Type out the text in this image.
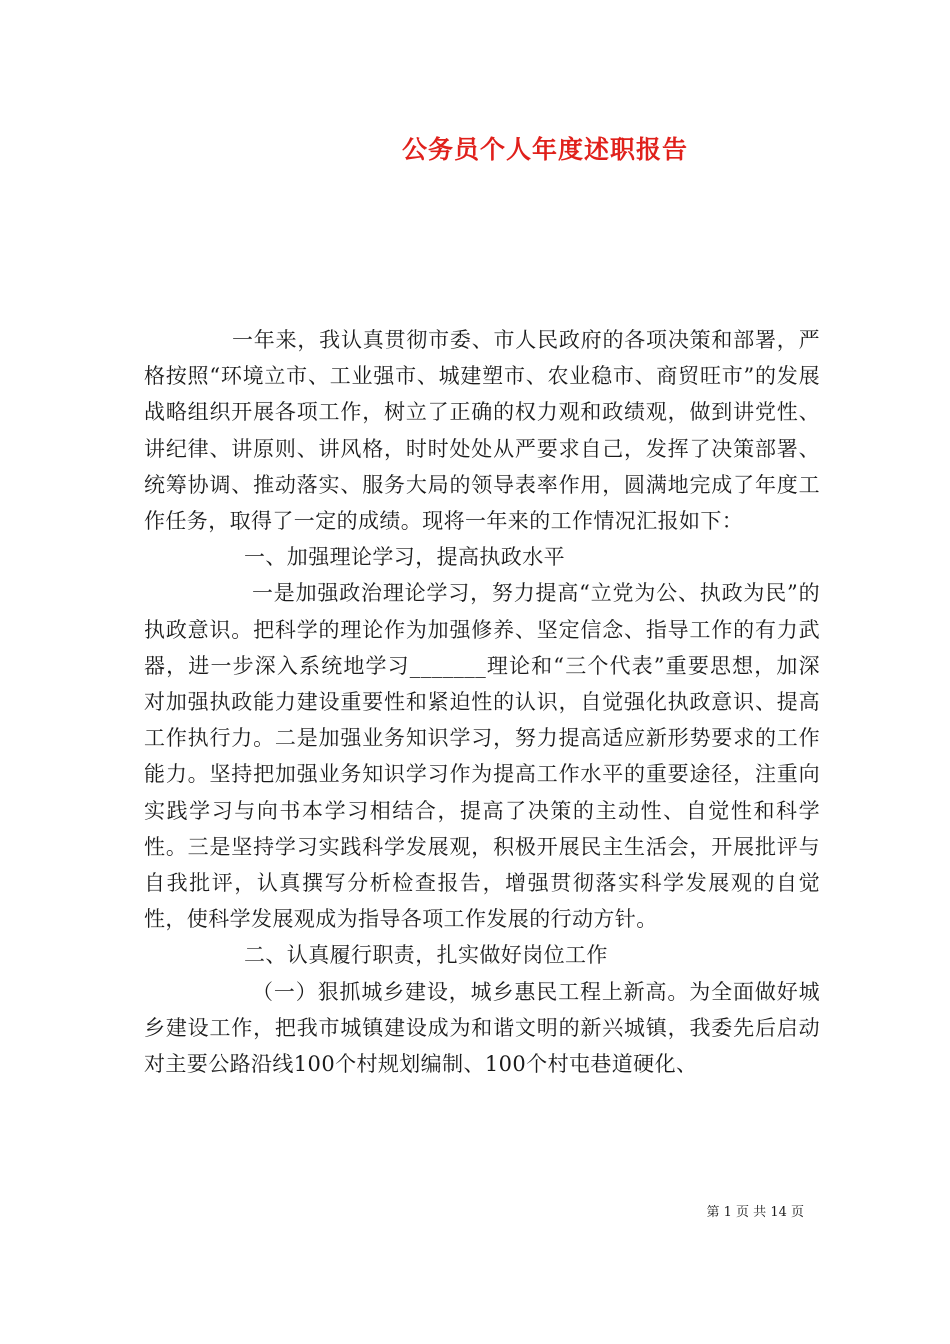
公务员个人年度述职报告

一年来，我认真贯彻市委、市人民政府的各项决策和部署，严格按照“环境立市、工业强市、城建塑市、农业稳市、商贸旺市”的发展战略组织开展各项工作，树立了正确的权力观和政绩观，做到讲党性、讲纪律、讲原则、讲风格，时时处处从严要求自己，发挥了决策部署、统筹协调、推动落实、服务大局的领导表率作用，圆满地完成了年度工作任务，取得了一定的成绩。现将一年来的工作情况汇报如下：

一、加强理论学习，提高执政水平

一是加强政治理论学习，努力提高“立党为公、执政为民”的执政意识。把科学的理论作为加强修养、坚定信念、指导工作的有力武器，进一步深入系统地学习_______理论和“三个代表”重要思想，加深对加强执政能力建设重要性和紧迫性的认识，自觉强化执政意识、提高工作执行力。二是加强业务知识学习，努力提高适应新形势要求的工作能力。坚持把加强业务知识学习作为提高工作水平的重要途径，注重向实践学习与向书本学习相结合，提高了决策的主动性、自觉性和科学性。三是坚持学习实践科学发展观，积极开展民主生活会，开展批评与自我批评，认真撰写分析检查报告，增强贯彻落实科学发展观的自觉性，使科学发展观成为指导各项工作发展的行动方针。

二、认真履行职责，扎实做好岗位工作

（一）狠抓城乡建设，城乡惠民工程上新高。为全面做好城乡建设工作，把我市城镇建设成为和谐文明的新兴城镇，我委先后启动对主要公路沿线100个村规划编制、100个村屯巷道硬化、

第 1 页 共 14 页
